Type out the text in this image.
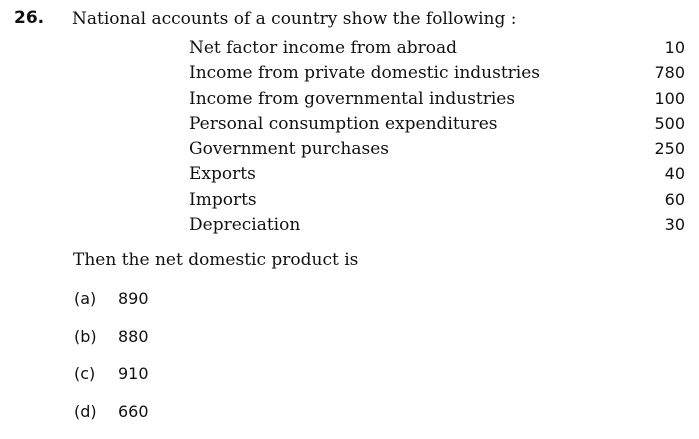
26. National accounts of a country show the following :
Net factor income from abroad	10
Income from private domestic industries	780
Income from governmental industries	100
Personal consumption expenditures	500
Government purchases	250
Exports	40
Imports	60
Depreciation	30
Then the net domestic product is
(a) 890
(b) 880
(c) 910
(d) 660
